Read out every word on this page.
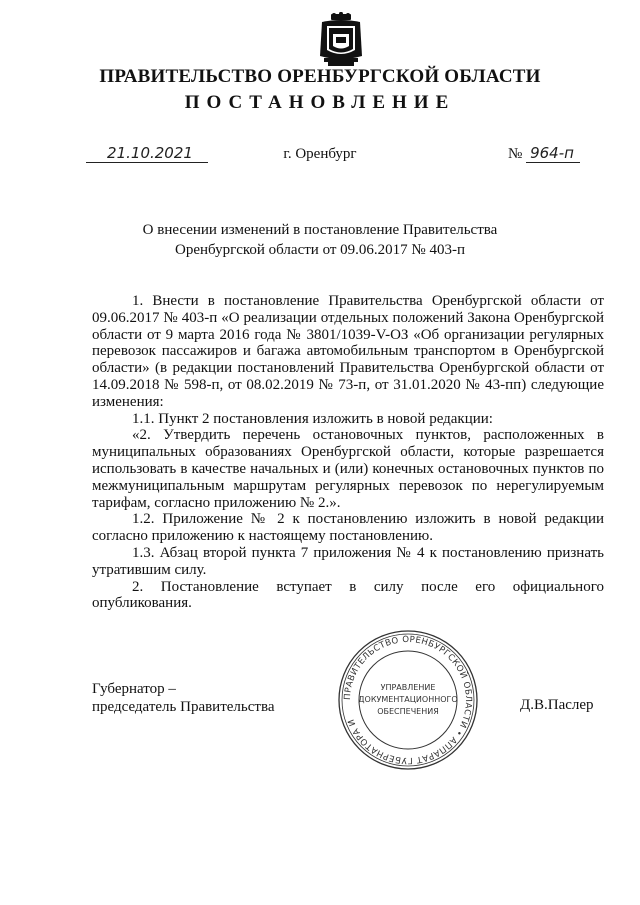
ПРАВИТЕЛЬСТВО ОРЕНБУРГСКОЙ ОБЛАСТИ
ПОСТАНОВЛЕНИЕ
21.10.2021	г. Оренбург	№ 964-п
О внесении изменений в постановление Правительства
Оренбургской области от 09.06.2017 № 403-п

1. Внести в постановление Правительства Оренбургской области от 09.06.2017 № 403-п «О реализации отдельных положений Закона Оренбургской области от 9 марта 2016 года № 3801/1039-V-ОЗ «Об организации регулярных перевозок пассажиров и багажа автомобильным транспортом в Оренбургской области» (в редакции постановлений Правительства Оренбургской области от 14.09.2018 № 598-п, от 08.02.2019 № 73-п, от 31.01.2020 № 43-пп) следующие изменения:

1.1. Пункт 2 постановления изложить в новой редакции:

«2. Утвердить перечень остановочных пунктов, расположенных в муниципальных образованиях Оренбургской области, которые разрешается использовать в качестве начальных и (или) конечных остановочных пунктов по межмуниципальным маршрутам регулярных перевозок по нерегулируемым тарифам, согласно приложению № 2.».

1.2. Приложение № 2 к постановлению изложить в новой редакции согласно приложению к настоящему постановлению.

1.3. Абзац второй пункта 7 приложения № 4 к постановлению признать утратившим силу.

2. Постановление вступает в силу после его официального опубликования.

Губернатор –
председатель Правительства
ПРАВИТЕЛЬСТВО ОРЕНБУРГСКОЙ ОБЛАСТИ • АППАРАТ ГУБЕРНАТОРА И
УПРАВЛЕНИЕ
ДОКУМЕНТАЦИОННОГО
ОБЕСПЕЧЕНИЯ	Д.В.Паслер
